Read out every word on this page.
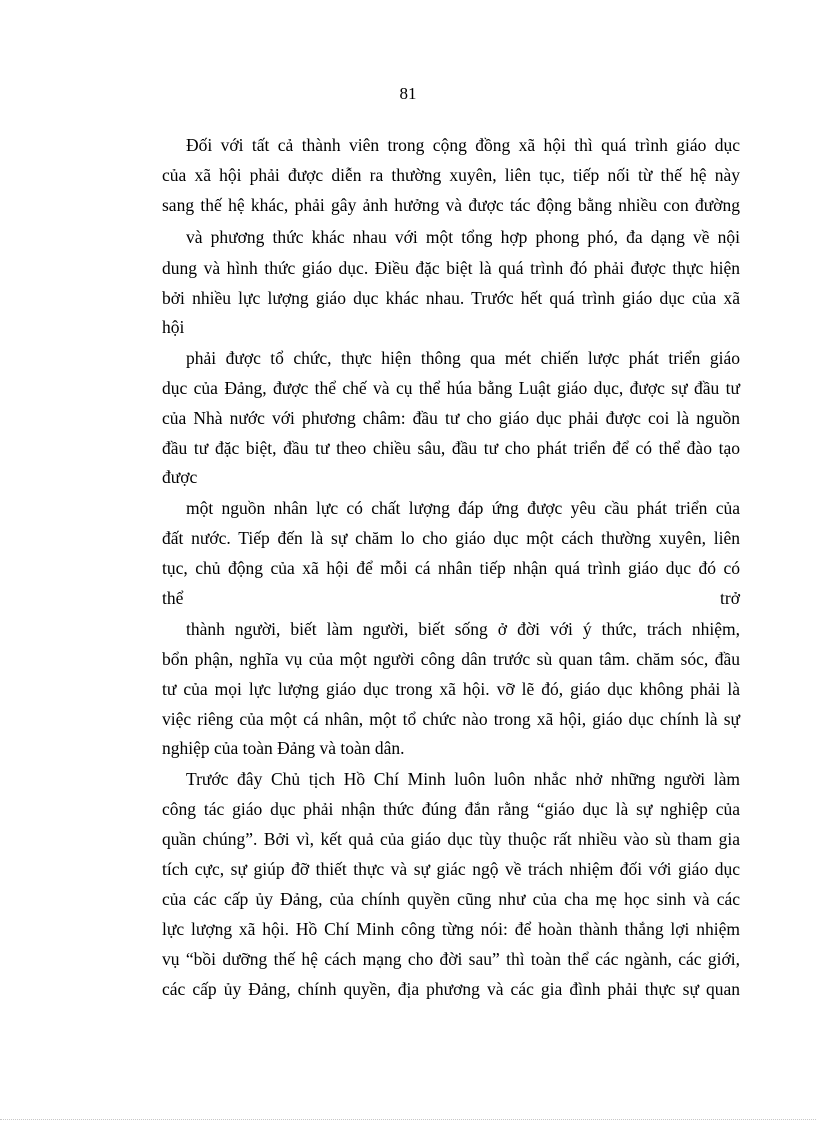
81
Đối với tất cả thành viên trong cộng đồng xã hội thì quá trình giáo dục
của xã hội phải được diễn ra thường xuyên, liên tục, tiếp nối từ thế hệ này
sang thế hệ khác, phải gây ảnh hưởng và được tác động bằng nhiều con đường
và phương thức khác nhau với một tổng hợp phong phó, đa dạng về nội
dung và hình thức giáo dục. Điều đặc biệt là quá trình đó phải được thực hiện
bởi nhiều lực lượng giáo dục khác nhau. Trước hết quá trình giáo dục của xã
hội
phải được tổ chức, thực hiện thông qua mét chiến lược phát triển giáo
dục của Đảng, được thể chế và cụ thể húa bằng Luật giáo dục, được sự đầu tư
của Nhà nước với phương châm: đầu tư cho giáo dục phải được coi là nguồn
đầu tư đặc biệt, đầu tư theo chiều sâu, đầu tư cho phát triển để có thể đào tạo
được
một nguồn nhân lực có chất lượng đáp ứng được yêu cầu phát triển của
đất nước. Tiếp đến là sự chăm lo cho giáo dục một cách thường xuyên, liên
tục, chủ động của xã hội để mỗi cá nhân tiếp nhận quá trình giáo dục đó có
thể	trở
thành người, biết làm người, biết sống ở đời với ý thức, trách nhiệm,
bổn phận, nghĩa vụ của một người công dân trước sù quan tâm. chăm sóc, đầu
tư của mọi lực lượng giáo dục trong xã hội. vỡ lẽ đó, giáo dục không phải là
việc riêng của một cá nhân, một tổ chức nào trong xã hội, giáo dục chính là sự
nghiệp của toàn Đảng và toàn dân.
Trước đây Chủ tịch Hồ Chí Minh luôn luôn nhắc nhở những người làm
công tác giáo dục phải nhận thức đúng đắn rằng “giáo dục là sự nghiệp của
quần chúng”. Bởi vì, kết quả của giáo dục tùy thuộc rất nhiều vào sù tham gia
tích cực, sự giúp đỡ thiết thực và sự giác ngộ về trách nhiệm đối với giáo dục
của các cấp ủy Đảng, của chính quyền cũng như của cha mẹ học sinh và các
lực lượng xã hội. Hồ Chí Minh công từng nói: để hoàn thành thắng lợi nhiệm
vụ “bồi dưỡng thế hệ cách mạng cho đời sau” thì toàn thể các ngành, các giới,
các cấp ủy Đảng, chính quyền, địa phương và các gia đình phải thực sự quan
